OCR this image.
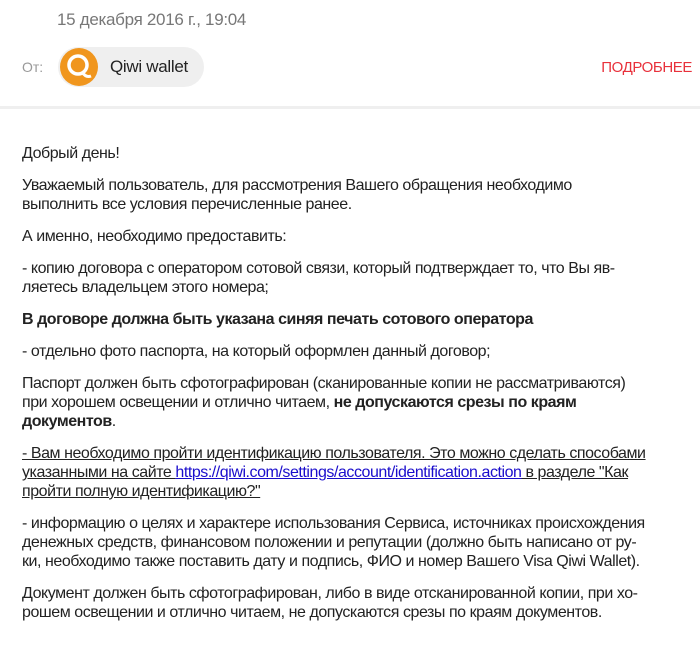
15 декабря 2016 г., 19:04
От:	Qiwi wallet	ПОДРОБНЕЕ
Добрый день!
Уважаемый пользователь, для рассмотрения Вашего обращения необходимо
выполнить все условия перечисленные ранее.
А именно, необходимо предоставить:
- копию договора с оператором сотовой связи, который подтверждает то, что Вы яв-
ляетесь владельцем этого номера;
В договоре должна быть указана синяя печать сотового оператора
- отдельно фото паспорта, на который оформлен данный договор;
Паспорт должен быть сфотографирован (сканированные копии не рассматриваются)
при хорошем освещении и отлично читаем, не допускаются срезы по краям
документов.
- Вам необходимо пройти идентификацию пользователя. Это можно сделать способами
указанными на сайте https://qiwi.com/settings/account/identification.action в разделе "Как
пройти полную идентификацию?"
- информацию о целях и характере использования Сервиса, источниках происхождения
денежных средств, финансовом положении и репутации (должно быть написано от ру-
ки, необходимо также поставить дату и подпись, ФИО и номер Вашего Visa Qiwi Wallet).
Документ должен быть сфотографирован, либо в виде отсканированной копии, при хо-
рошем освещении и отлично читаем, не допускаются срезы по краям документов.
